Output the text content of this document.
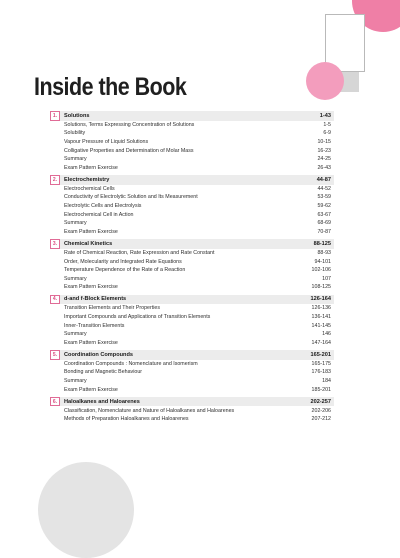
Inside the Book
1.	Solutions	1-43
Solutions, Terms Expressing Concentration of Solutions	1-5
Solubility	6-9
Vapour Pressure of Liquid Solutions	10-15
Colligative Properties and Determination of Molar Mass	16-23
Summary	24-25
Exam Pattern Exercise	26-43
2.	Electrochemistry	44-87
Electrochemical Cells	44-52
Conductivity of Electrolytic Solution and Its Measurement	53-59
Electrolytic Cells and Electrolysis	59-62
Electrochemical Cell in Action	63-67
Summary	68-69
Exam Pattern Exercise	70-87
3.	Chemical Kinetics	88-125
Rate of Chemical Reaction, Rate Expression and Rate Constant	88-93
Order, Molecularity and Integrated Rate Equations	94-101
Temperature Dependence of the Rate of a Reaction	102-106
Summary	107
Exam Pattern Exercise	108-125
4.	d-and f-Block Elements	126-164
Transition Elements and Their Properties	126-136
Important Compounds and Applications of Transition Elements	136-141
Inner-Transition Elements	141-145
Summary	146
Exam Pattern Exercise	147-164
5.	Coordination Compounds	165-201
Coordination Compounds : Nomenclature and Isomerism	165-175
Bonding and Magnetic Behaviour	176-183
Summary	184
Exam Pattern Exercise	185-201
6.	Haloalkanes and Haloarenes	202-257
Classification, Nomenclature and Nature of Haloalkanes and Haloarenes	202-206
Methods of Preparation Haloalkanes and Haloarenes	207-212
